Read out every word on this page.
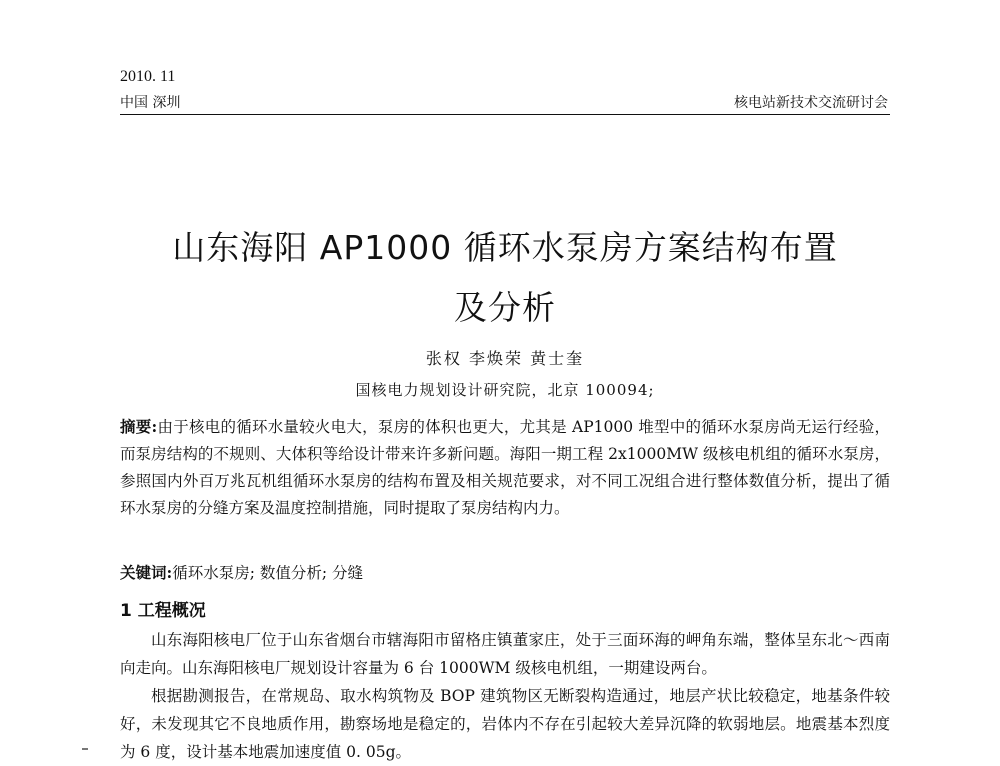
2010. 11
中国 深圳	核电站新技术交流研讨会
山东海阳 AP1000 循环水泵房方案结构布置
及分析
张权 李焕荣 黄士奎
国核电力规划设计研究院，北京 100094;
摘要:由于核电的循环水量较火电大，泵房的体积也更大，尤其是 AP1000 堆型中的循环水泵房尚无运行经验，而泵房结构的不规则、大体积等给设计带来许多新问题。海阳一期工程 2x1000MW 级核电机组的循环水泵房，参照国内外百万兆瓦机组循环水泵房的结构布置及相关规范要求，对不同工况组合进行整体数值分析，提出了循环水泵房的分缝方案及温度控制措施，同时提取了泵房结构内力。
关键词:循环水泵房; 数值分析; 分缝
1 工程概况

山东海阳核电厂位于山东省烟台市辖海阳市留格庄镇董家庄，处于三面环海的岬角东端，整体呈东北～西南向走向。山东海阳核电厂规划设计容量为 6 台 1000WM 级核电机组，一期建设两台。

根据勘测报告，在常规岛、取水构筑物及 BOP 建筑物区无断裂构造通过，地层产状比较稳定，地基条件较好，未发现其它不良地质作用，勘察场地是稳定的，岩体内不存在引起较大差异沉降的软弱地层。地震基本烈度为 6 度，设计基本地震加速度值 0. 05g。
